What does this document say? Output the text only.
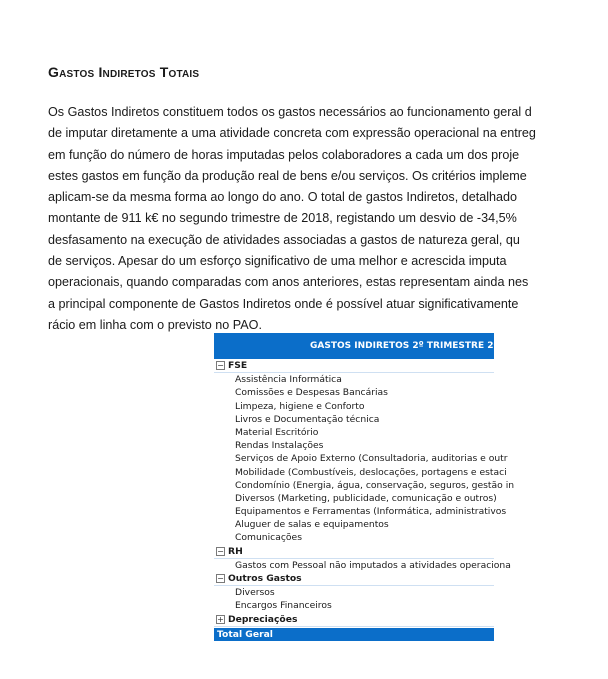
Gastos Indiretos Totais
Os Gastos Indiretos constituem todos os gastos necessários ao funcionamento geral d
de imputar diretamente a uma atividade concreta com expressão operacional na entreg
em função do número de horas imputadas pelos colaboradores a cada um dos proje
estes gastos em função da produção real de bens e/ou serviços. Os critérios impleme
aplicam-se da mesma forma ao longo do ano. O total de gastos Indiretos, detalhado
montante de 911 k€ no segundo trimestre de 2018, registando um desvio de -34,5%
desfasamento na execução de atividades associadas a gastos de natureza geral, qu
de serviços. Apesar do um esforço significativo de uma melhor e acrescida imputa
operacionais, quando comparadas com anos anteriores, estas representam ainda nes
a principal componente de Gastos Indiretos onde é possível atuar significativamente
rácio em linha com o previsto no PAO.
GASTOS INDIRETOS 2º TRIMESTRE 2018
− FSE
Assistência Informática
Comissões e Despesas Bancárias
Limpeza, higiene e Conforto
Livros e Documentação técnica
Material Escritório
Rendas Instalações
Serviços de Apoio Externo (Consultadoria, auditorias e outr
Mobilidade (Combustíveis, deslocações, portagens e estaci
Condomínio (Energia, água, conservação, seguros, gestão in
Diversos (Marketing, publicidade, comunicação e outros)
Equipamentos e Ferramentas (Informática, administrativos
Aluguer de salas e equipamentos
Comunicações
− RH
Gastos com Pessoal não imputados a atividades operaciona
− Outros Gastos
Diversos
Encargos Financeiros
+ Depreciações
Total Geral
